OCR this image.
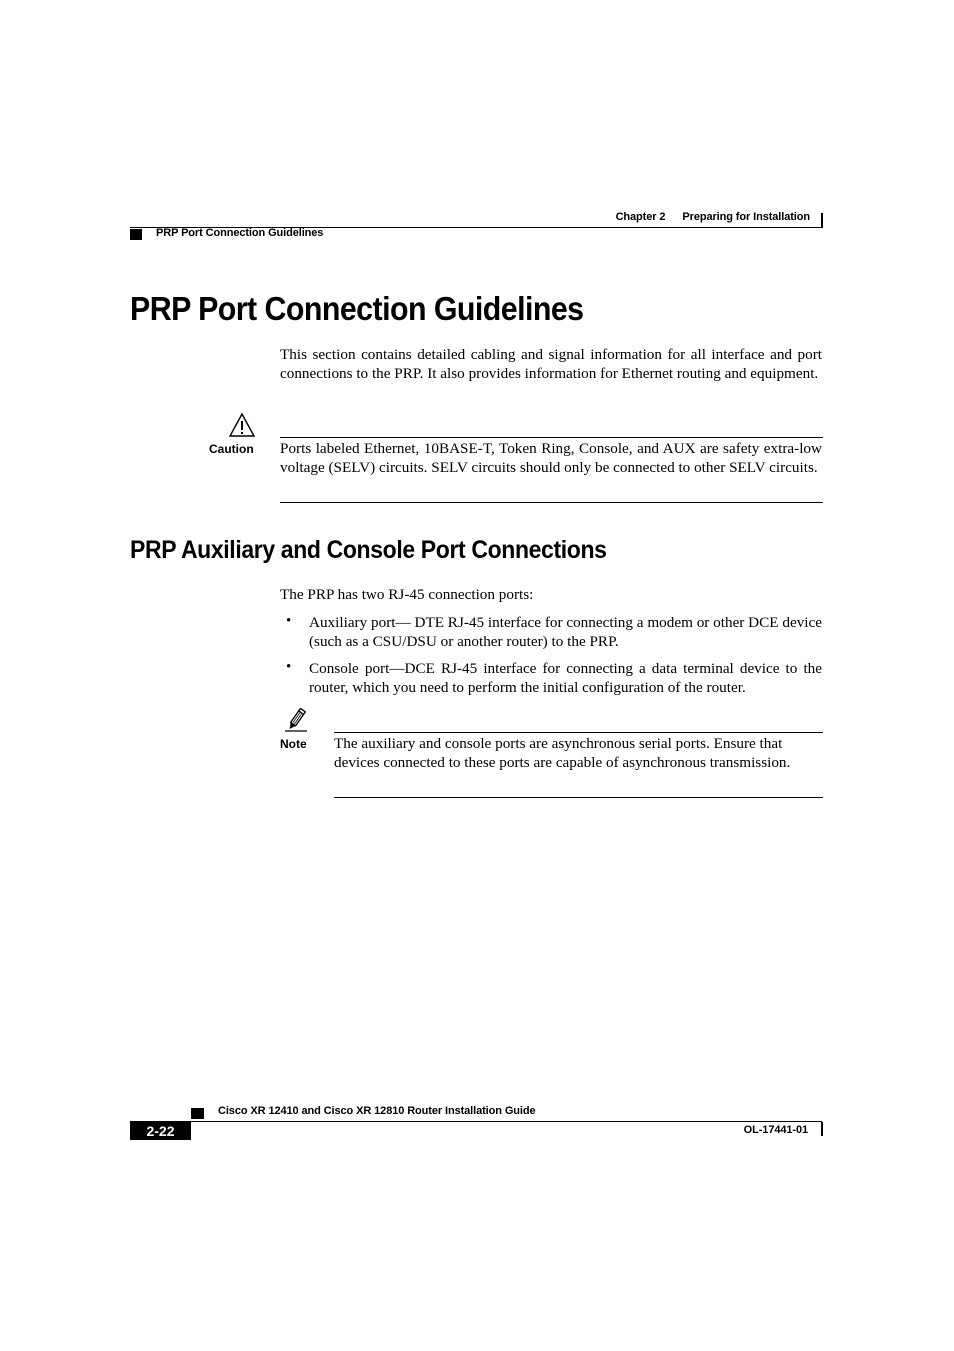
Chapter 2 Preparing for Installation
PRP Port Connection Guidelines
PRP Port Connection Guidelines

This section contains detailed cabling and signal information for all interface and port connections to the PRP. It also provides information for Ethernet routing and equipment.

Caution Ports labeled Ethernet, 10BASE-T, Token Ring, Console, and AUX are safety extra-low voltage (SELV) circuits. SELV circuits should only be connected to other SELV circuits.

PRP Auxiliary and Console Port Connections

The PRP has two RJ-45 connection ports:

• Auxiliary port— DTE RJ-45 interface for connecting a modem or other DCE device (such as a CSU/DSU or another router) to the PRP.

• Console port—DCE RJ-45 interface for connecting a data terminal device to the router, which you need to perform the initial configuration of the router.

Note The auxiliary and console ports are asynchronous serial ports. Ensure that devices connected to these ports are capable of asynchronous transmission.

Cisco XR 12410 and Cisco XR 12810 Router Installation Guide
2-22	OL-17441-01
